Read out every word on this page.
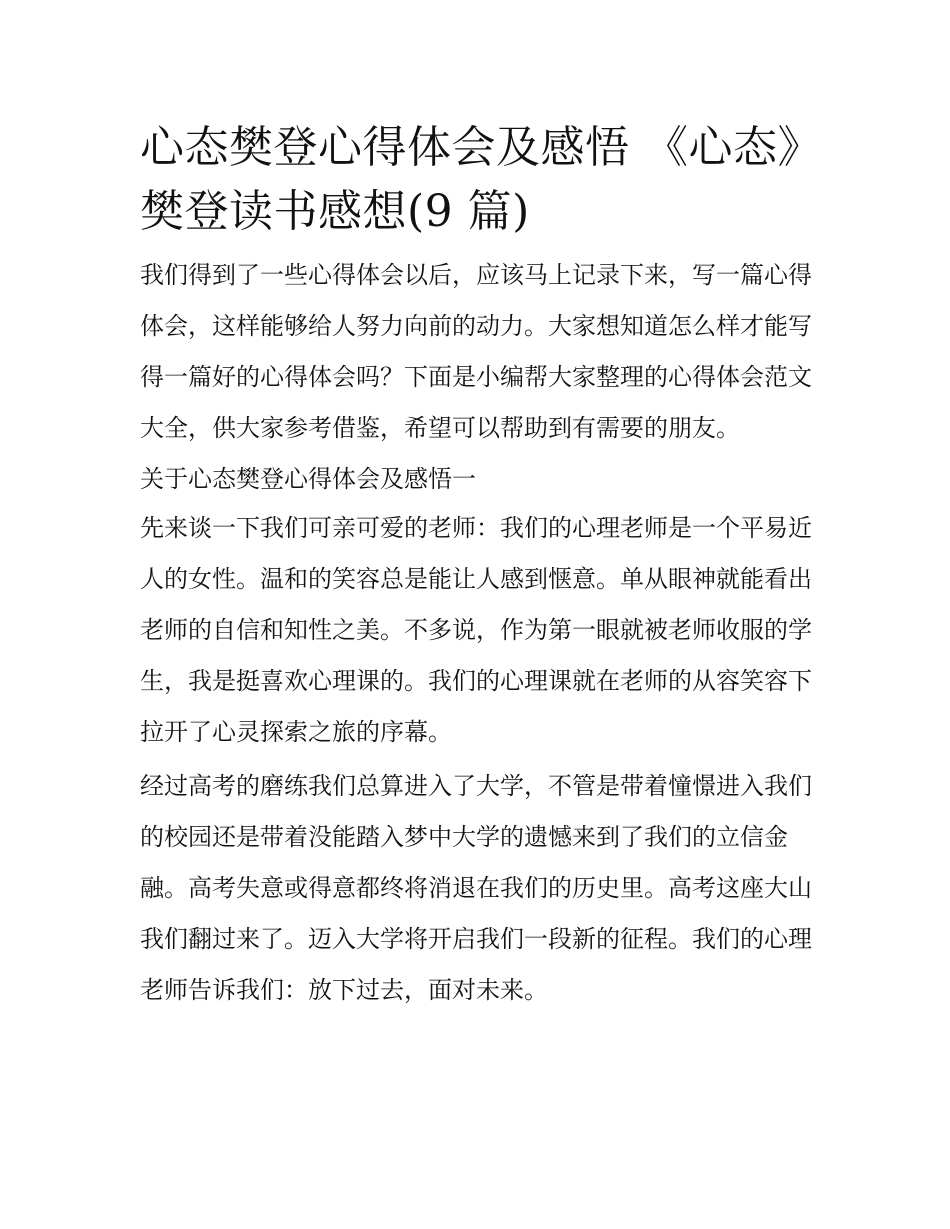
心态樊登心得体会及感悟 《心态》樊登读书感想(9 篇)

我们得到了一些心得体会以后，应该马上记录下来，写一篇心得体会，这样能够给人努力向前的动力。大家想知道怎么样才能写得一篇好的心得体会吗？下面是小编帮大家整理的心得体会范文大全，供大家参考借鉴，希望可以帮助到有需要的朋友。

关于心态樊登心得体会及感悟一

先来谈一下我们可亲可爱的老师：我们的心理老师是一个平易近人的女性。温和的笑容总是能让人感到惬意。单从眼神就能看出老师的自信和知性之美。不多说，作为第一眼就被老师收服的学生，我是挺喜欢心理课的。我们的心理课就在老师的从容笑容下拉开了心灵探索之旅的序幕。

经过高考的磨练我们总算进入了大学，不管是带着憧憬进入我们的校园还是带着没能踏入梦中大学的遗憾来到了我们的立信金融。高考失意或得意都终将消退在我们的历史里。高考这座大山我们翻过来了。迈入大学将开启我们一段新的征程。我们的心理老师告诉我们：放下过去，面对未来。
